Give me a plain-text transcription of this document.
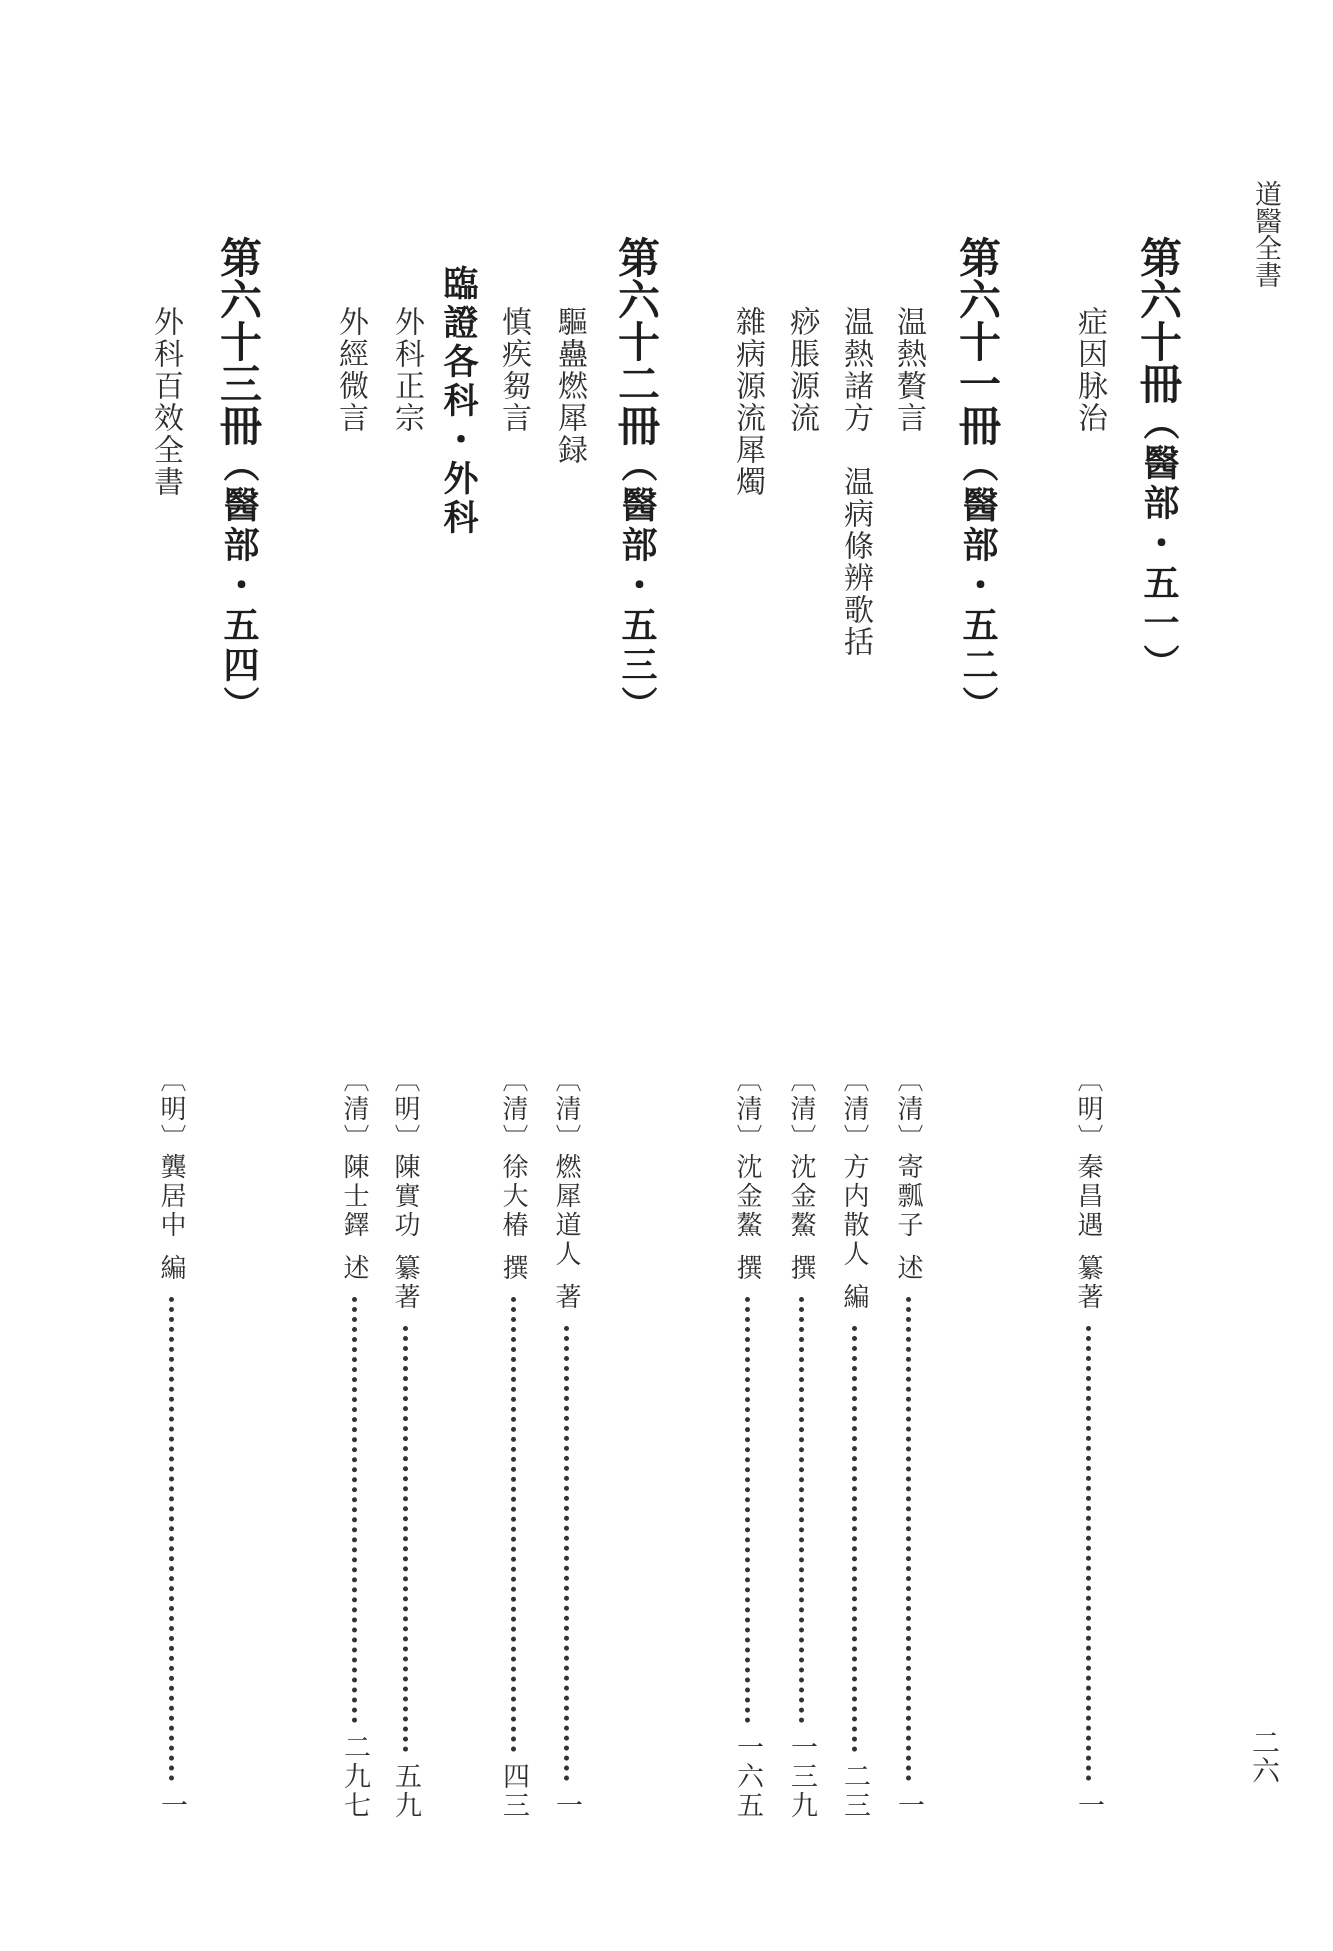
道醫全書
二六
第六十冊（醫部・五一）
症因脉治
〔明〕秦昌遇纂著
一
第六十一冊（醫部・五二）
温熱贅言
〔清〕寄瓢子述
一
温熱諸方　温病條辨歌括
〔清〕方内散人編
二三
痧脹源流
〔清〕沈金鰲撰
一三九
雜病源流犀燭
〔清〕沈金鰲撰
一六五
第六十二冊（醫部・五三）
驅蠱燃犀録
〔清〕燃犀道人著
一
慎疾芻言
〔清〕徐大椿撰
四三
臨證各科・外科
外科正宗
〔明〕陳實功纂著
五九
外經微言
〔清〕陳士鐸述
二九七
第六十三冊（醫部・五四）
外科百效全書
〔明〕龔居中編
一
